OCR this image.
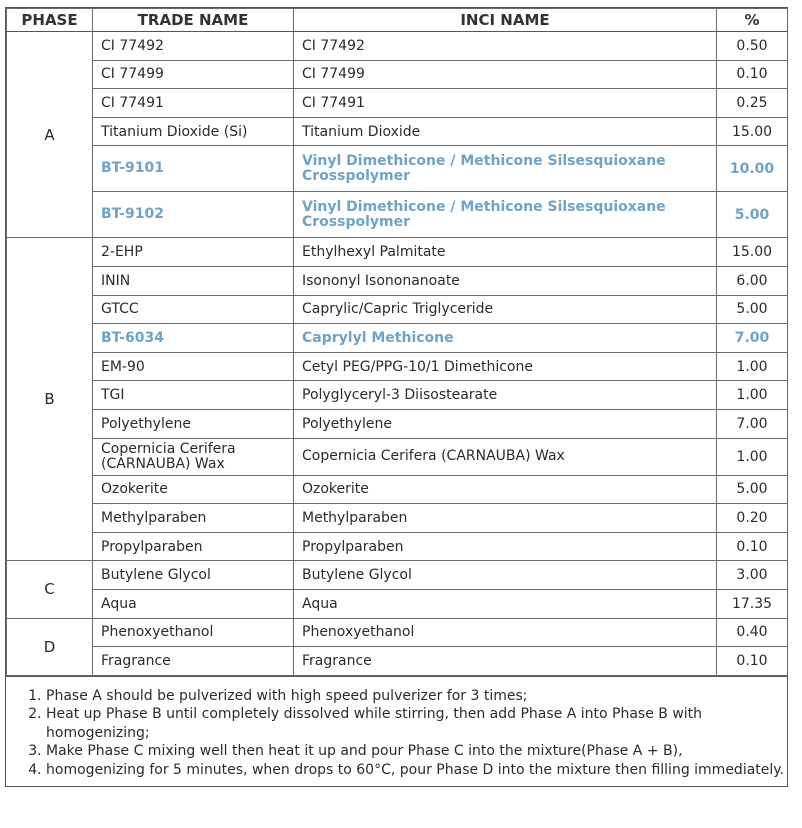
PHASE	TRADE NAME	INCI NAME	%
A	CI 77492	CI 77492	0.50
	CI 77499	CI 77499	0.10
	CI 77491	CI 77491	0.25
	Titanium Dioxide (Si)	Titanium Dioxide	15.00
	BT-9101	Vinyl Dimethicone / Methicone Silsesquioxane Crosspolymer	10.00
	BT-9102	Vinyl Dimethicone / Methicone Silsesquioxane Crosspolymer	5.00
B	2-EHP	Ethylhexyl Palmitate	15.00
	ININ	Isononyl Isononanoate	6.00
	GTCC	Caprylic/Capric Triglyceride	5.00
	BT-6034	Caprylyl Methicone	7.00
	EM-90	Cetyl PEG/PPG-10/1 Dimethicone	1.00
	TGI	Polyglyceryl-3 Diisostearate	1.00
	Polyethylene	Polyethylene	7.00
	Copernicia Cerifera (CARNAUBA) Wax	Copernicia Cerifera (CARNAUBA) Wax	1.00
	Ozokerite	Ozokerite	5.00
	Methylparaben	Methylparaben	0.20
	Propylparaben	Propylparaben	0.10
C	Butylene Glycol	Butylene Glycol	3.00
	Aqua	Aqua	17.35
D	Phenoxyethanol	Phenoxyethanol	0.40
	Fragrance	Fragrance	0.10
1. Phase A should be pulverized with high speed pulverizer for 3 times;
2. Heat up Phase B until completely dissolved while stirring, then add Phase A into Phase B with homogenizing;
3. Make Phase C mixing well then heat it up and pour Phase C into the mixture(Phase A + B),
4. homogenizing for 5 minutes, when drops to 60°C, pour Phase D into the mixture then filling immediately.
